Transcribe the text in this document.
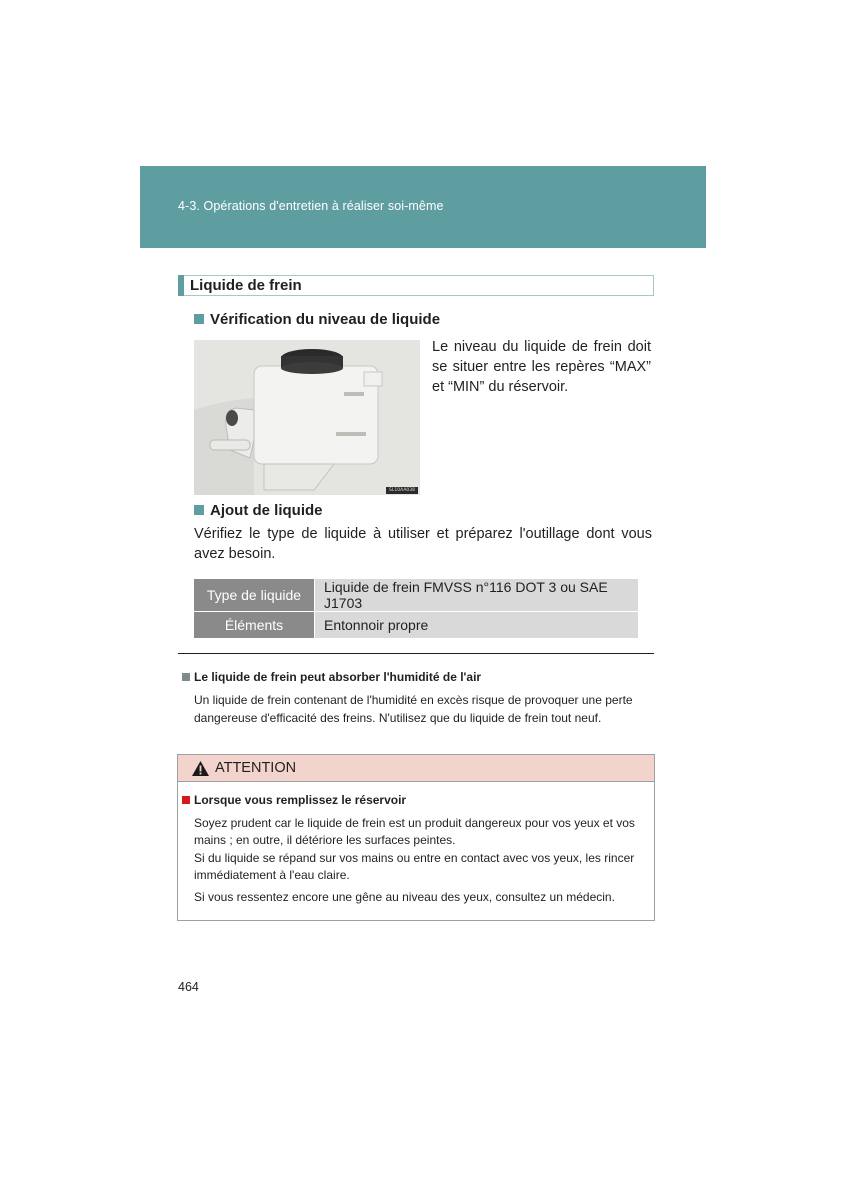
4-3. Opérations d'entretien à réaliser soi-même
Liquide de frein
Vérification du niveau de liquide
SL10AA038
Le niveau du liquide de frein doit se situer entre les repères “MAX” et “MIN” du réservoir.
Ajout de liquide
Vérifiez le type de liquide à utiliser et préparez l'outillage dont vous avez besoin.
Type de liquide	Liquide de frein FMVSS n°116 DOT 3 ou SAE J1703
Éléments	Entonnoir propre
Le liquide de frein peut absorber l'humidité de l'air
Un liquide de frein contenant de l'humidité en excès risque de provoquer une perte dangereuse d'efficacité des freins. N'utilisez que du liquide de frein tout neuf.
ATTENTION
Lorsque vous remplissez le réservoir
Soyez prudent car le liquide de frein est un produit dangereux pour vos yeux et vos mains ; en outre, il détériore les surfaces peintes.
Si du liquide se répand sur vos mains ou entre en contact avec vos yeux, les rincer immédiatement à l'eau claire.
Si vous ressentez encore une gêne au niveau des yeux, consultez un médecin.
464
